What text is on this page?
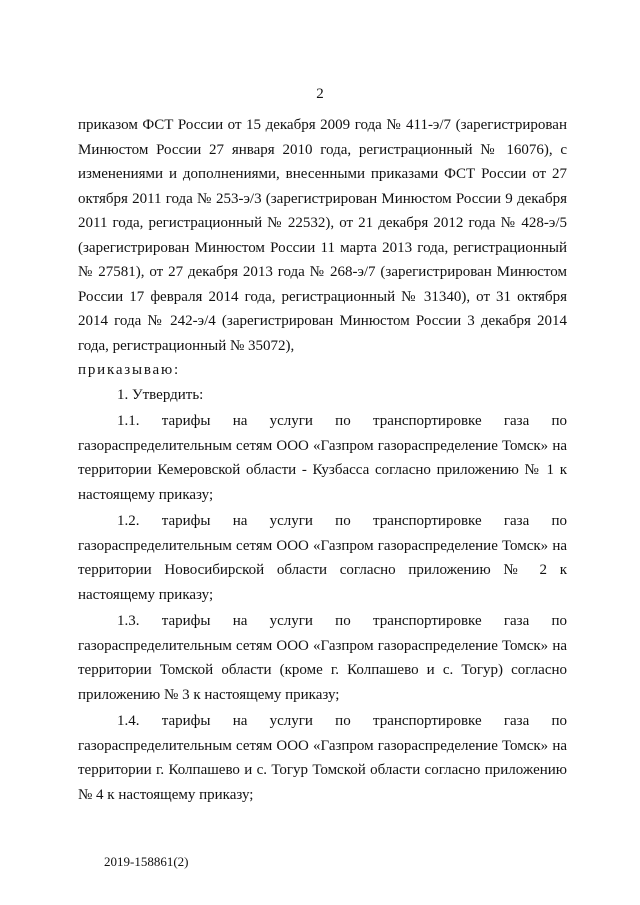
2

приказом ФСТ России от 15 декабря 2009 года № 411-э/7 (зарегистрирован Минюстом России 27 января 2010 года, регистрационный № 16076), с изменениями и дополнениями, внесенными приказами ФСТ России от 27 октября 2011 года № 253-э/3 (зарегистрирован Минюстом России 9 декабря 2011 года, регистрационный № 22532), от 21 декабря 2012 года № 428-э/5 (зарегистрирован Минюстом России 11 марта 2013 года, регистрационный № 27581), от 27 декабря 2013 года № 268-э/7 (зарегистрирован Минюстом России 17 февраля 2014 года, регистрационный № 31340), от 31 октября 2014 года № 242-э/4 (зарегистрирован Минюстом России 3 декабря 2014 года, регистрационный № 35072),

приказываю:

1. Утвердить:

1.1. тарифы на услуги по транспортировке газа по газораспределительным сетям ООО «Газпром газораспределение Томск» на территории Кемеровской области - Кузбасса согласно приложению № 1 к настоящему приказу;

1.2. тарифы на услуги по транспортировке газа по газораспределительным сетям ООО «Газпром газораспределение Томск» на территории Новосибирской области согласно приложению № 2 к настоящему приказу;

1.3. тарифы на услуги по транспортировке газа по газораспределительным сетям ООО «Газпром газораспределение Томск» на территории Томской области (кроме г. Колпашево и с. Тогур) согласно приложению № 3 к настоящему приказу;

1.4. тарифы на услуги по транспортировке газа по газораспределительным сетям ООО «Газпром газораспределение Томск» на территории г. Колпашево и с. Тогур Томской области согласно приложению № 4 к настоящему приказу;

2019-158861(2)
